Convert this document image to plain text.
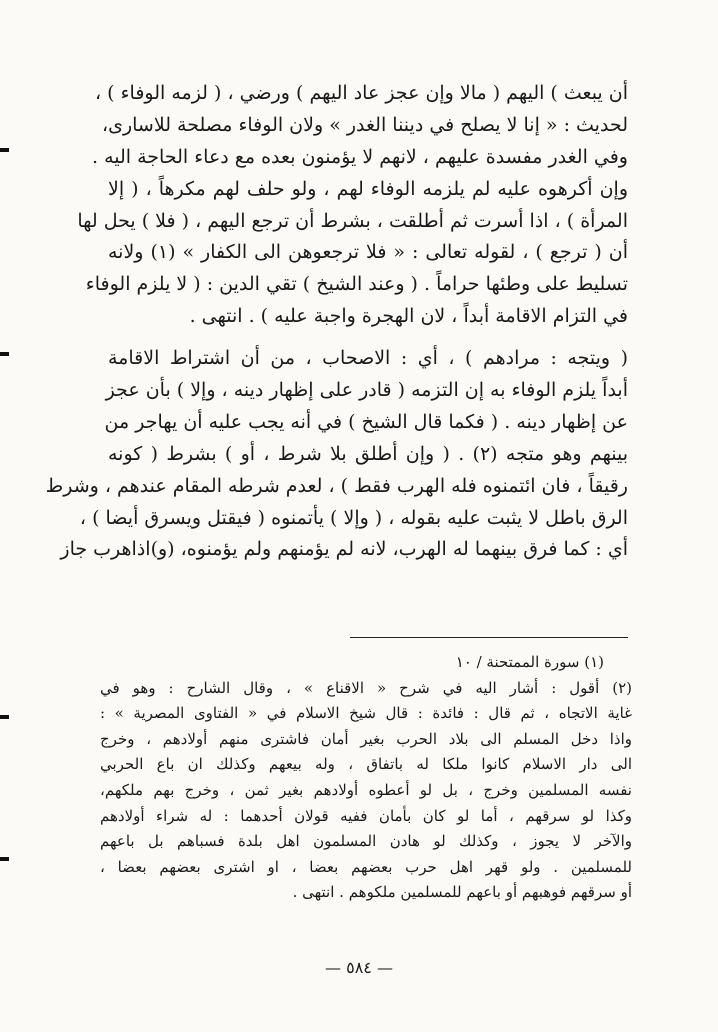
أن يبعث ) اليهم ( مالا وإن عجز عاد اليهم ) ورضي ، ( لزمه الوفاء ) ،
لحديث : « إنا لا يصلح في ديننا الغدر » ولان الوفاء مصلحة للاسارى،
وفي الغدر مفسدة عليهم ، لانهم لا يؤمنون بعده مع دعاء الحاجة اليه .
وإن أكرهوه عليه لم يلزمه الوفاء لهم ، ولو حلف لهم مكرهاً ، ( إلا
المرأة ) ، اذا أسرت ثم أطلقت ، بشرط أن ترجع اليهم ، ( فلا ) يحل لها
أن ( ترجع ) ، لقوله تعالى : « فلا ترجعوهن الى الكفار » (١) ولانه
تسليط على وطئها حراماً . ( وعند الشيخ ) تقي الدين : ( لا يلزم الوفاء
في التزام الاقامة أبداً ، لان الهجرة واجبة عليه ) . انتهى .
( ويتجه : مرادهم ) ، أي : الاصحاب ، من أن اشتراط الاقامة
أبداً يلزم الوفاء به إن التزمه ( قادر على إظهار دينه ، وإلا ) بأن عجز
عن إظهار دينه . ( فكما قال الشيخ ) في أنه يجب عليه أن يهاجر من
بينهم وهو متجه (٢) . ( وإن أطلق بلا شرط ، أو ) بشرط ( كونه
رقيقاً ، فان ائتمنوه فله الهرب فقط ) ، لعدم شرطه المقام عندهم ، وشرط
الرق باطل لا يثبت عليه بقوله ، ( وإلا ) يأتمنوه ( فيقتل ويسرق أيضا ) ،
أي : كما فرق بينهما له الهرب، لانه لم يؤمنهم ولم يؤمنوه، (و)اذاهرب جاز
(١) سورة الممتحنة / ١٠
(٢) أقول : أشار اليه في شرح « الاقناع » ، وقال الشارح : وهو في
غاية الاتجاه ، ثم قال : فائدة : قال شيخ الاسلام في « الفتاوى المصرية » :
واذا دخل المسلم الى بلاد الحرب بغير أمان فاشترى منهم أولادهم ، وخرج
الى دار الاسلام كانوا ملكا له باتفاق ، وله بيعهم وكذلك ان باع الحربي
نفسه المسلمين وخرج ، بل لو أعطوه أولادهم بغير ثمن ، وخرج بهم ملكهم،
وكذا لو سرقهم ، أما لو كان بأمان ففيه قولان أحدهما : له شراء أولادهم
والآخر لا يجوز ، وكذلك لو هادن المسلمون اهل بلدة فسباهم بل باعهم
للمسلمين . ولو قهر اهل حرب بعضهم بعضا ، او اشترى بعضهم بعضا ،
أو سرقهم فوهبهم أو باعهم للمسلمين ملكوهم . انتهى .
— ٥٨٤ —
